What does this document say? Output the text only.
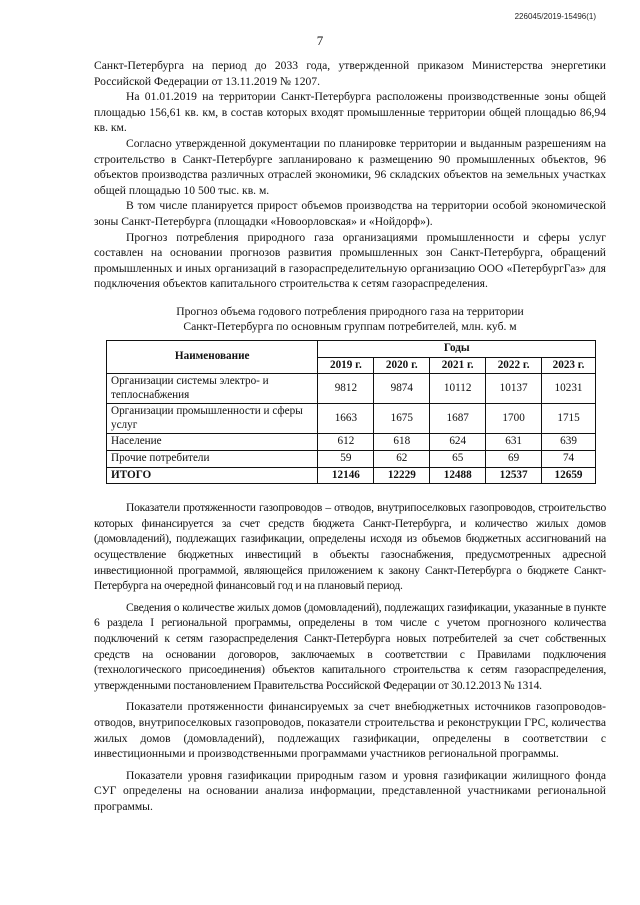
226045/2019-15496(1)
7

Санкт-Петербурга на период до 2033 года, утвержденной приказом Министерства энергетики Российской Федерации от 13.11.2019 № 1207.

На 01.01.2019 на территории Санкт-Петербурга расположены производственные зоны общей площадью 156,61 кв. км, в состав которых входят промышленные территории общей площадью 86,94 кв. км.

Согласно утвержденной документации по планировке территории и выданным разрешениям на строительство в Санкт-Петербурге запланировано к размещению 90 промышленных объектов, 96 объектов производства различных отраслей экономики, 96 складских объектов на земельных участках общей площадью 10 500 тыс. кв. м.

В том числе планируется прирост объемов производства на территории особой экономической зоны Санкт-Петербурга (площадки «Новоорловская» и «Нойдорф»).

Прогноз потребления природного газа организациями промышленности и сферы услуг составлен на основании прогнозов развития промышленных зон Санкт-Петербурга, обращений промышленных и иных организаций в газораспределительную организацию ООО «ПетербургГаз» для подключения объектов капитального строительства к сетям газораспределения.

Прогноз объема годового потребления природного газа на территории
Санкт-Петербурга по основным группам потребителей, млн. куб. м
Наименование	Годы				
	2019 г.	2020 г.	2021 г.	2022 г.	2023 г.
Организации системы электро- и теплоснабжения	9812	9874	10112	10137	10231
Организации промышленности и сферы услуг	1663	1675	1687	1700	1715
Население	612	618	624	631	639
Прочие потребители	59	62	65	69	74
ИТОГО	12146	12229	12488	12537	12659

Показатели протяженности газопроводов – отводов, внутрипоселковых газопроводов, строительство которых финансируется за счет средств бюджета Санкт-Петербурга, и количество жилых домов (домовладений), подлежащих газификации, определены исходя из объемов бюджетных ассигнований на осуществление бюджетных инвестиций в объекты газоснабжения, предусмотренных адресной инвестиционной программой, являющейся приложением к закону Санкт-Петербурга о бюджете Санкт-Петербурга на очередной финансовый год и на плановый период.

Сведения о количестве жилых домов (домовладений), подлежащих газификации, указанные в пункте 6 раздела I региональной программы, определены в том числе с учетом прогнозного количества подключений к сетям газораспределения Санкт-Петербурга новых потребителей за счет собственных средств на основании договоров, заключаемых в соответствии с Правилами подключения (технологического присоединения) объектов капитального строительства к сетям газораспределения, утвержденными постановлением Правительства Российской Федерации от 30.12.2013 № 1314.

Показатели протяженности финансируемых за счет внебюджетных источников газопроводов-отводов, внутрипоселковых газопроводов, показатели строительства и реконструкции ГРС, количества жилых домов (домовладений), подлежащих газификации, определены в соответствии с инвестиционными и производственными программами участников региональной программы.

Показатели уровня газификации природным газом и уровня газификации жилищного фонда СУГ определены на основании анализа информации, представленной участниками региональной программы.
